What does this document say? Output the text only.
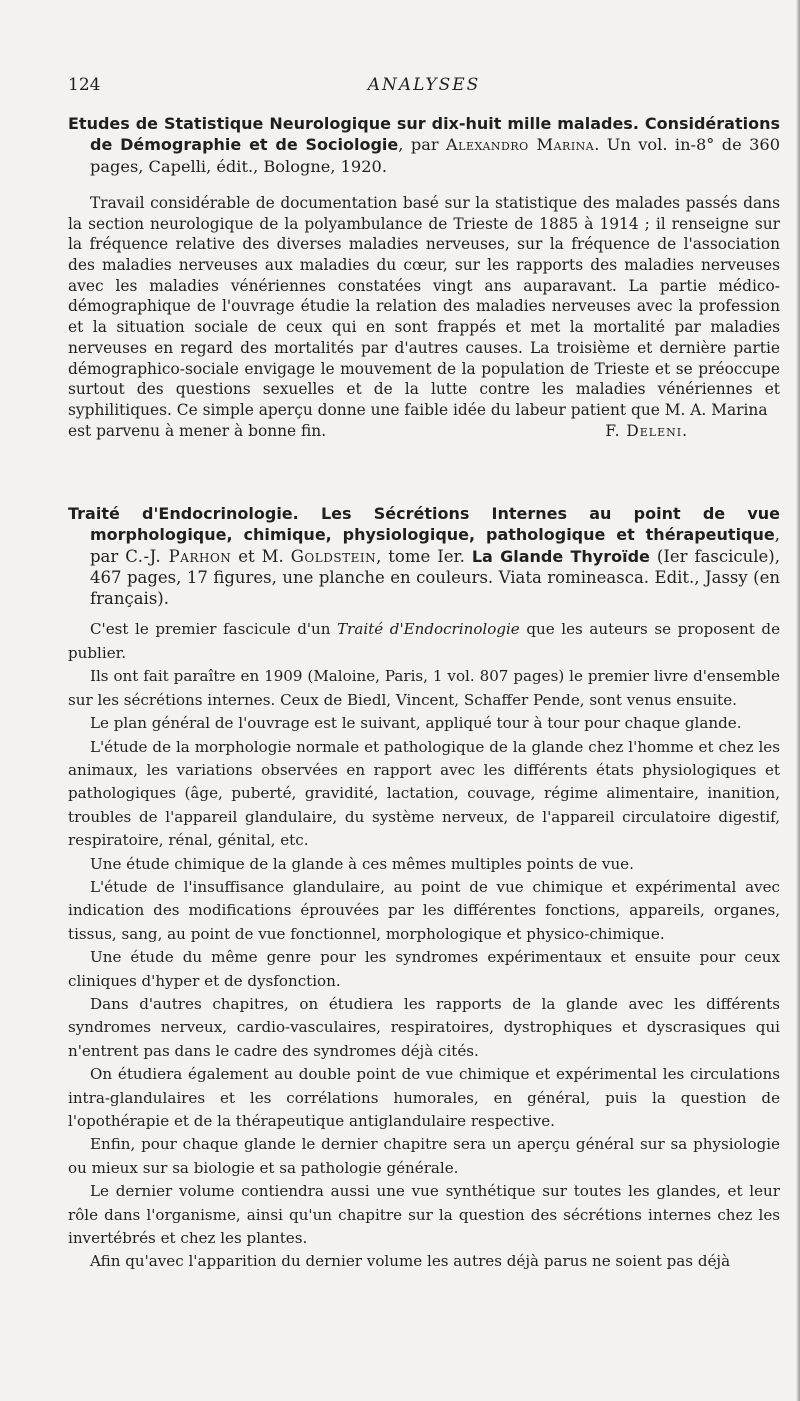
124	ANALYSES

Etudes de Statistique Neurologique sur dix-huit mille malades. Considérations de Démographie et de Sociologie, par Alexandro Marina. Un vol. in-8° de 360 pages, Capelli, édit., Bologne, 1920.

Travail considérable de documentation basé sur la statistique des malades passés dans la section neurologique de la polyambulance de Trieste de 1885 à 1914 ; il renseigne sur la fréquence relative des diverses maladies nerveuses, sur la fréquence de l'association des maladies nerveuses aux maladies du cœur, sur les rapports des maladies nerveuses avec les maladies vénériennes constatées vingt ans auparavant. La partie médico-démographique de l'ouvrage étudie la relation des maladies nerveuses avec la profession et la situation sociale de ceux qui en sont frappés et met la mortalité par maladies nerveuses en regard des mortalités par d'autres causes. La troisième et dernière partie démographico-sociale envigage le mouvement de la population de Trieste et se préoccupe surtout des questions sexuelles et de la lutte contre les maladies vénériennes et syphilitiques. Ce simple aperçu donne une faible idée du labeur patient que M. A. Marina

est parvenu à mener à bonne fin.	F. Deleni.

Traité d'Endocrinologie. Les Sécrétions Internes au point de vue morphologique, chimique, physiologique, pathologique et thérapeutique, par C.-J. Parhon et M. Goldstein, tome Ier. La Glande Thyroïde (Ier fascicule), 467 pages, 17 figures, une planche en couleurs. Viata romineasca. Edit., Jassy (en français).

C'est le premier fascicule d'un Traité d'Endocrinologie que les auteurs se proposent de publier.

Ils ont fait paraître en 1909 (Maloine, Paris, 1 vol. 807 pages) le premier livre d'ensemble sur les sécrétions internes. Ceux de Biedl, Vincent, Schaffer Pende, sont venus ensuite.

Le plan général de l'ouvrage est le suivant, appliqué tour à tour pour chaque glande.

L'étude de la morphologie normale et pathologique de la glande chez l'homme et chez les animaux, les variations observées en rapport avec les différents états physiologiques et pathologiques (âge, puberté, gravidité, lactation, couvage, régime alimentaire, inanition, troubles de l'appareil glandulaire, du système nerveux, de l'appareil circulatoire digestif, respiratoire, rénal, génital, etc.

Une étude chimique de la glande à ces mêmes multiples points de vue.

L'étude de l'insuffisance glandulaire, au point de vue chimique et expérimental avec indication des modifications éprouvées par les différentes fonctions, appareils, organes, tissus, sang, au point de vue fonctionnel, morphologique et physico-chimique.

Une étude du même genre pour les syndromes expérimentaux et ensuite pour ceux cliniques d'hyper et de dysfonction.

Dans d'autres chapitres, on étudiera les rapports de la glande avec les différents syndromes nerveux, cardio-vasculaires, respiratoires, dystrophiques et dyscrasiques qui n'entrent pas dans le cadre des syndromes déjà cités.

On étudiera également au double point de vue chimique et expérimental les circulations intra-glandulaires et les corrélations humorales, en général, puis la question de l'opothérapie et de la thérapeutique antiglandulaire respective.

Enfin, pour chaque glande le dernier chapitre sera un aperçu général sur sa physiologie ou mieux sur sa biologie et sa pathologie générale.

Le dernier volume contiendra aussi une vue synthétique sur toutes les glandes, et leur rôle dans l'organisme, ainsi qu'un chapitre sur la question des sécrétions internes chez les invertébrés et chez les plantes.

Afin qu'avec l'apparition du dernier volume les autres déjà parus ne soient pas déjà
